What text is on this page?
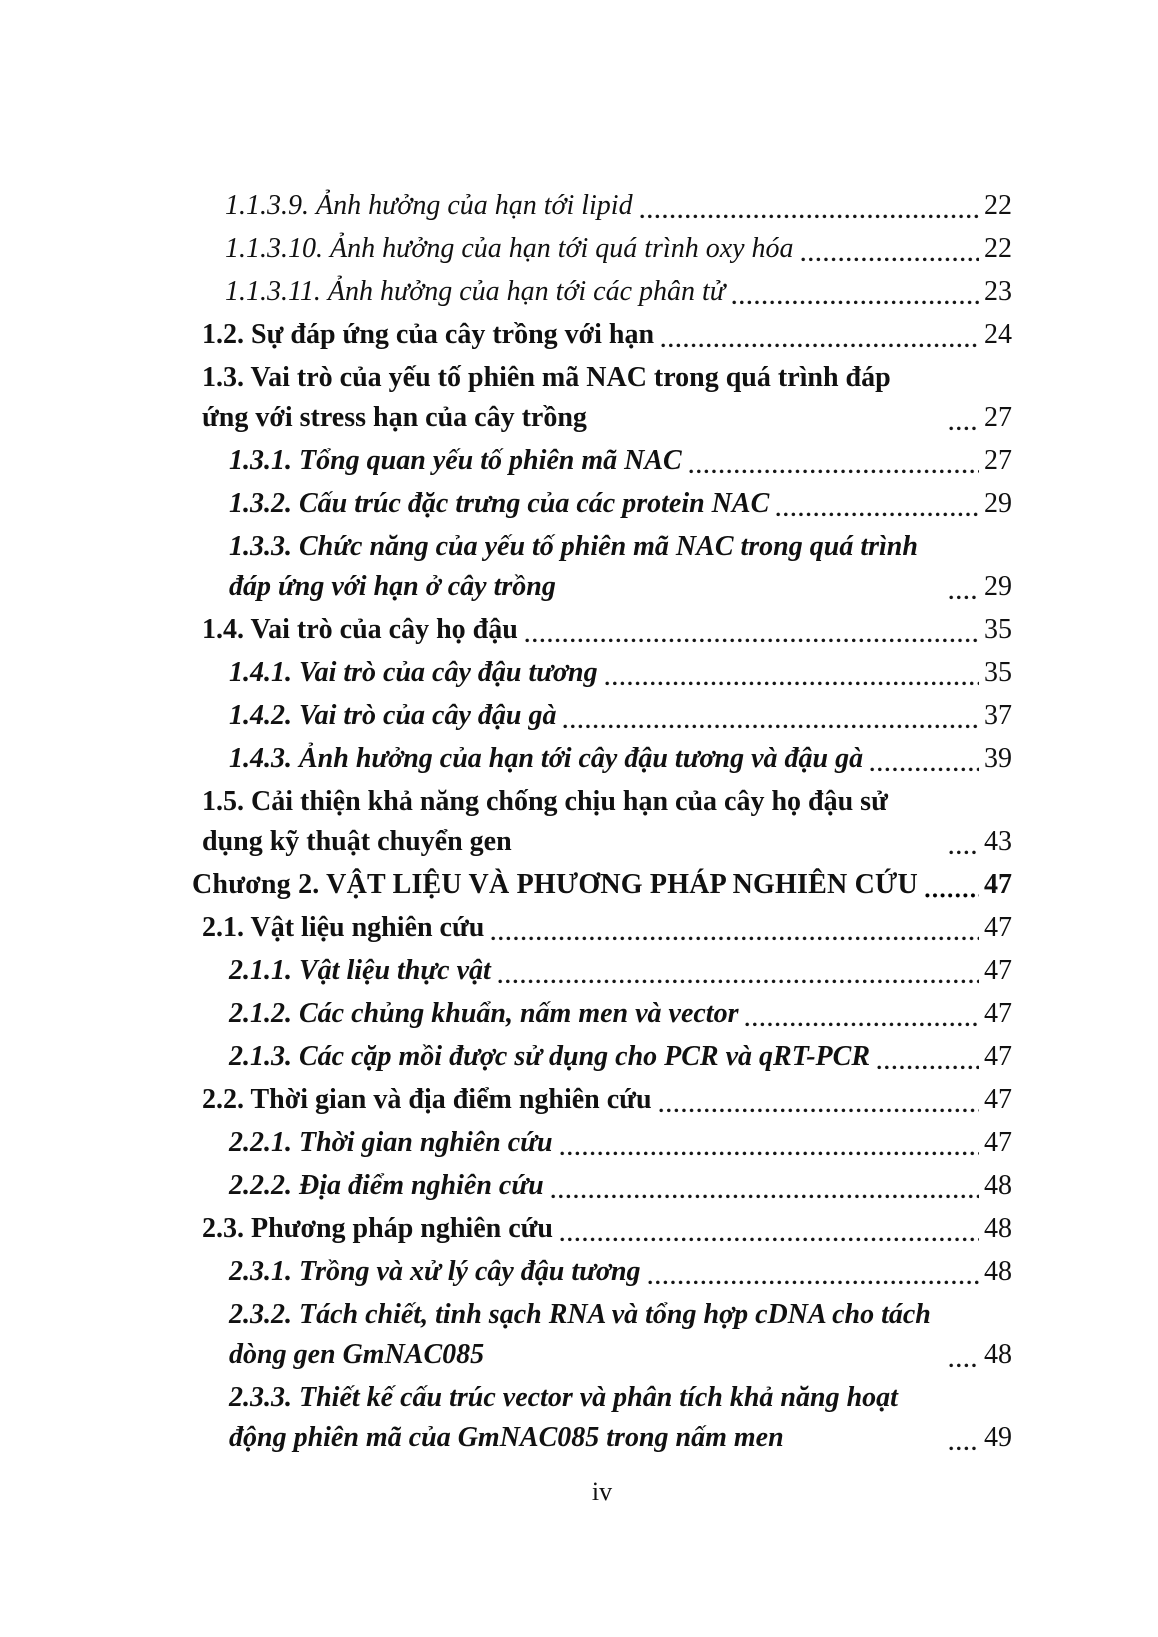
1.1.3.9. Ảnh hưởng của hạn tới lipid	22
1.1.3.10. Ảnh hưởng của hạn tới quá trình oxy hóa	22
1.1.3.11. Ảnh hưởng của hạn tới các phân tử	23
1.2. Sự đáp ứng của cây trồng với hạn	24
1.3. Vai trò của yếu tố phiên mã NAC trong quá trình đáp ứng với stress hạn của cây trồng	27
1.3.1. Tổng quan yếu tố phiên mã NAC	27
1.3.2. Cấu trúc đặc trưng của các protein NAC	29
1.3.3. Chức năng của yếu tố phiên mã NAC trong quá trình đáp ứng với hạn ở cây trồng	29
1.4. Vai trò của cây họ đậu	35
1.4.1. Vai trò của cây đậu tương	35
1.4.2. Vai trò của cây đậu gà	37
1.4.3. Ảnh hưởng của hạn tới cây đậu tương và đậu gà	39
1.5. Cải thiện khả năng chống chịu hạn của cây họ đậu sử dụng kỹ thuật chuyển gen	43
Chương 2. VẬT LIỆU VÀ PHƯƠNG PHÁP NGHIÊN CỨU 47
2.1. Vật liệu nghiên cứu	47
2.1.1. Vật liệu thực vật	47
2.1.2. Các chủng khuẩn, nấm men và vector	47
2.1.3. Các cặp mồi được sử dụng cho PCR và qRT-PCR	47
2.2. Thời gian và địa điểm nghiên cứu	47
2.2.1. Thời gian nghiên cứu	47
2.2.2. Địa điểm nghiên cứu	48
2.3. Phương pháp nghiên cứu	48
2.3.1. Trồng và xử lý cây đậu tương	48
2.3.2. Tách chiết, tinh sạch RNA và tổng hợp cDNA cho tách dòng gen GmNAC085	48
2.3.3. Thiết kế cấu trúc vector và phân tích khả năng hoạt động phiên mã của GmNAC085 trong nấm men	49
iv
